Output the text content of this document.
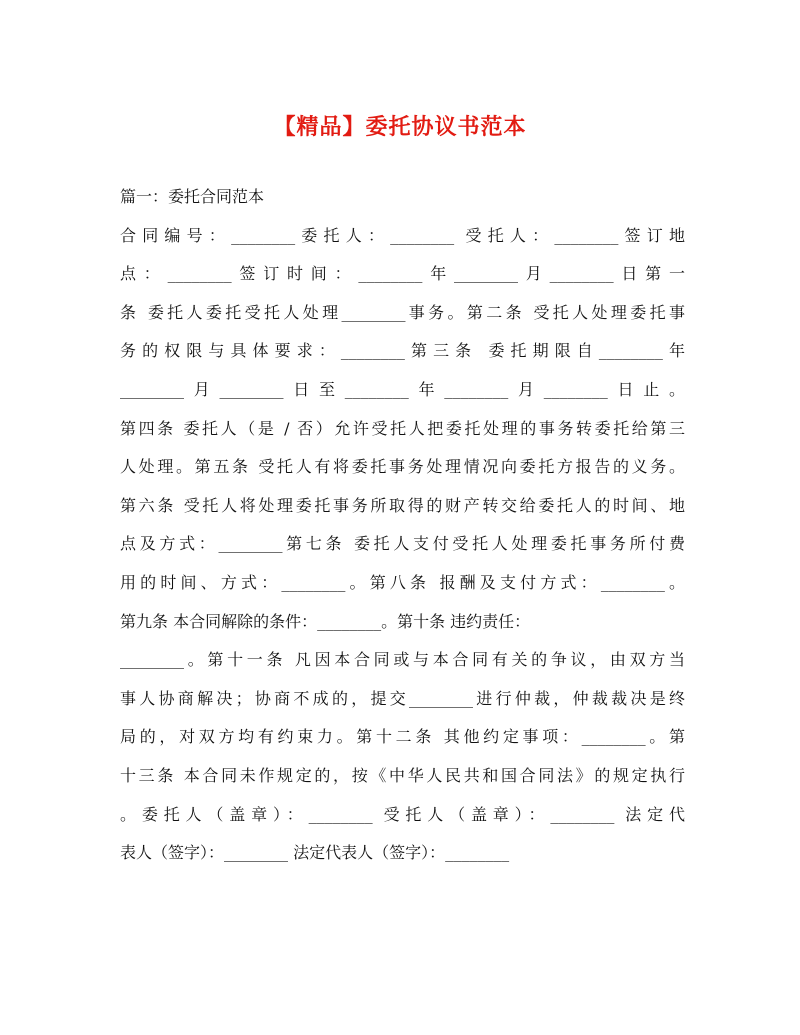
【精品】委托协议书范本
篇一：委托合同范本
合同编号：________委托人：________ 受托人：________签订地
点：________签订时间：________年________月________日第一
条 委托人委托受托人处理________事务。第二条 受托人处理委托事
务的权限与具体要求：________第三条 委托期限自________年
________月________日至________年________月________日止。
第四条 委托人（是 / 否）允许受托人把委托处理的事务转委托给第三
人处理。第五条 受托人有将委托事务处理情况向委托方报告的义务。
第六条 受托人将处理委托事务所取得的财产转交给委托人的时间、地
点及方式：________第七条 委托人支付受托人处理委托事务所付费
用的时间、方式：________。第八条 报酬及支付方式：________。
第九条 本合同解除的条件：________。第十条 违约责任：
________。第十一条 凡因本合同或与本合同有关的争议，由双方当
事人协商解决；协商不成的，提交________进行仲裁，仲裁裁决是终
局的，对双方均有约束力。第十二条 其他约定事项：________。第
十三条 本合同未作规定的，按《中华人民共和国合同法》的规定执行
。委托人（盖章）：________ 受托人（盖章）：________ 法定代
表人（签字）：________ 法定代表人（签字）：________
